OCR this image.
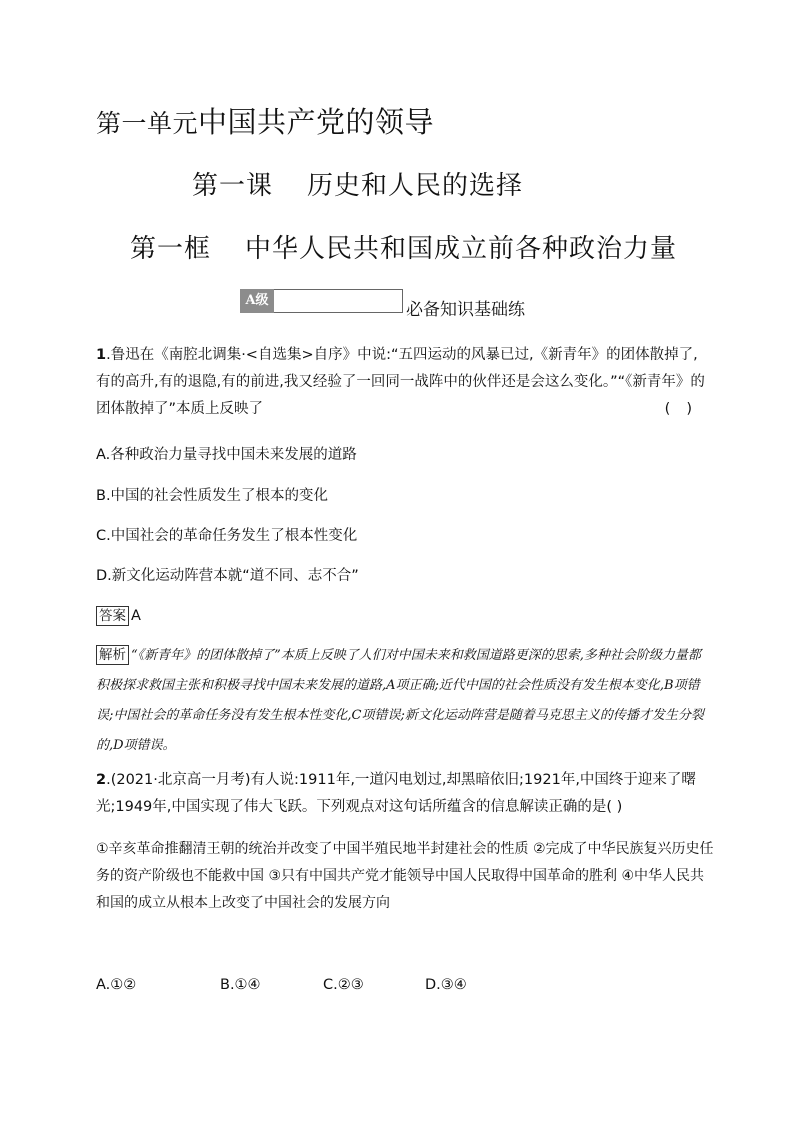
第一单元中国共产党的领导
第一课 历史和人民的选择
第一框 中华人民共和国成立前各种政治力量
A级	必备知识基础练
1.鲁迅在《南腔北调集·<自选集>自序》中说:“五四运动的风暴已过,《新青年》的团体散掉了,有的高升,有的退隐,有的前进,我又经验了一回同一战阵中的伙伴还是会这么变化。”“《新青年》的团体散掉了”本质上反映了	()
A.各种政治力量寻找中国未来发展的道路
B.中国的社会性质发生了根本的变化
C.中国社会的革命任务发生了根本性变化
D.新文化运动阵营本就“道不同、志不合”
答案 A
解析 “《新青年》的团体散掉了”本质上反映了人们对中国未来和救国道路更深的思索,多种社会阶级力量都积极探求救国主张和积极寻找中国未来发展的道路,A项正确;近代中国的社会性质没有发生根本变化,B项错误;中国社会的革命任务没有发生根本性变化,C项错误;新文化运动阵营是随着马克思主义的传播才发生分裂的,D项错误。
2.(2021·北京高一月考)有人说:1911年,一道闪电划过,却黑暗依旧;1921年,中国终于迎来了曙光;1949年,中国实现了伟大飞跃。下列观点对这句话所蕴含的信息解读正确的是( )
①辛亥革命推翻清王朝的统治并改变了中国半殖民地半封建社会的性质 ②完成了中华民族复兴历史任务的资产阶级也不能救中国 ③只有中国共产党才能领导中国人民取得中国革命的胜利 ④中华人民共和国的成立从根本上改变了中国社会的发展方向
A.①②	B.①④	C.②③	D.③④
